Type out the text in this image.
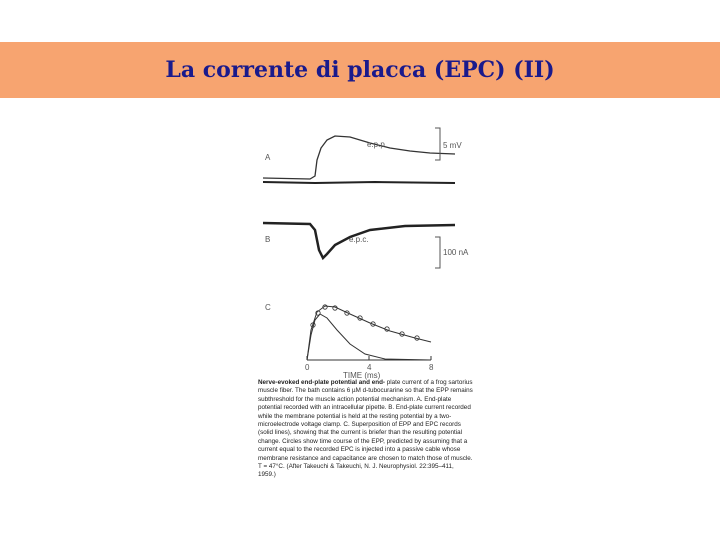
La corrente di placca (EPC) (II)
A
e.p.p.	5 mV
B	e.p.c.
100 nA
C
0	4	8
TIME (ms)
Nerve-evoked end-plate potential and end- plate current of a frog sartorius muscle fiber. The bath contains 6 µM d-tubocurarine so that the EPP remains subthreshold for the muscle action potential mechanism. A. End-plate potential recorded with an intracellular pipette. B. End-plate current recorded while the membrane potential is held at the resting potential by a two-microelectrode voltage clamp. C. Superposition of EPP and EPC records (solid lines), showing that the current is briefer than the resulting potential change. Circles show time course of the EPP, predicted by assuming that a current equal to the recorded EPC is injected into a passive cable whose membrane resistance and capacitance are chosen to match those of muscle. T = 47°C. (After Takeuchi & Takeuchi, N. J. Neurophysiol. 22:395–411, 1959.)
